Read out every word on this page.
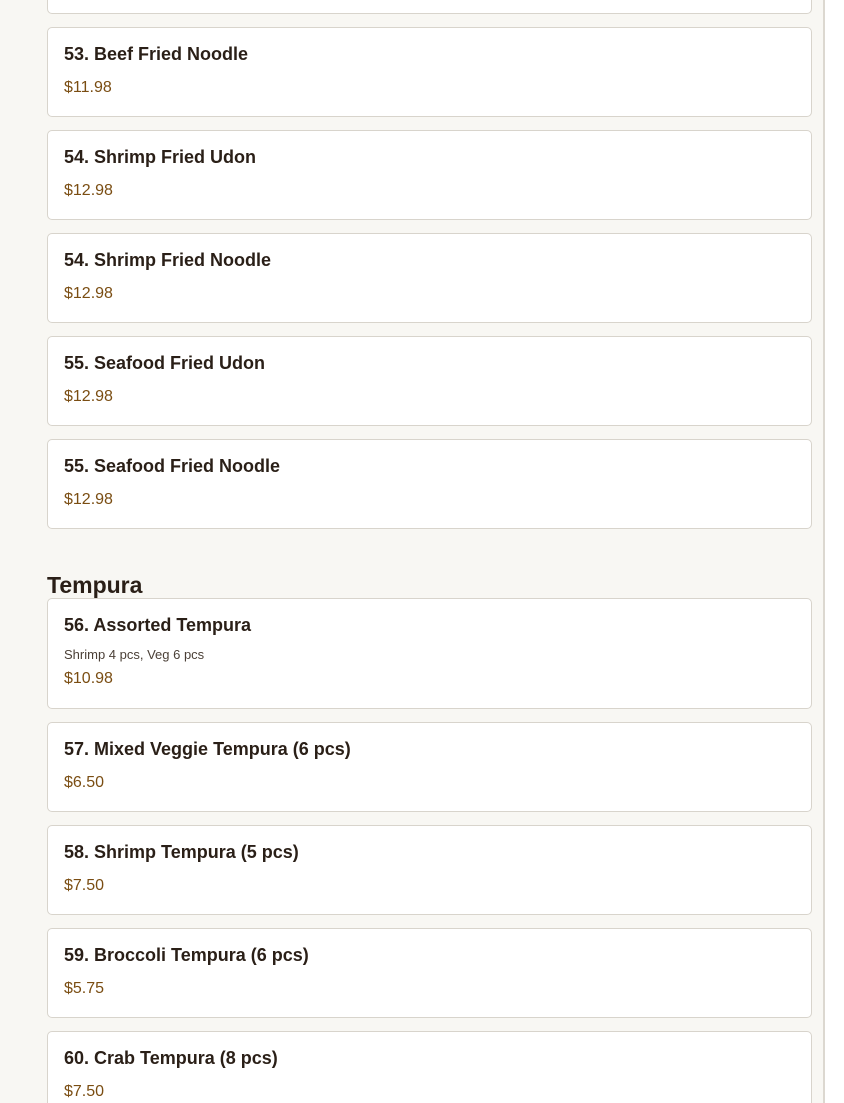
53. Beef Fried Noodle
$11.98
54. Shrimp Fried Udon
$12.98
54. Shrimp Fried Noodle
$12.98
55. Seafood Fried Udon
$12.98
55. Seafood Fried Noodle
$12.98
Tempura
56. Assorted Tempura
Shrimp 4 pcs, Veg 6 pcs
$10.98
57. Mixed Veggie Tempura (6 pcs)
$6.50
58. Shrimp Tempura (5 pcs)
$7.50
59. Broccoli Tempura (6 pcs)
$5.75
60. Crab Tempura (8 pcs)
$7.50
